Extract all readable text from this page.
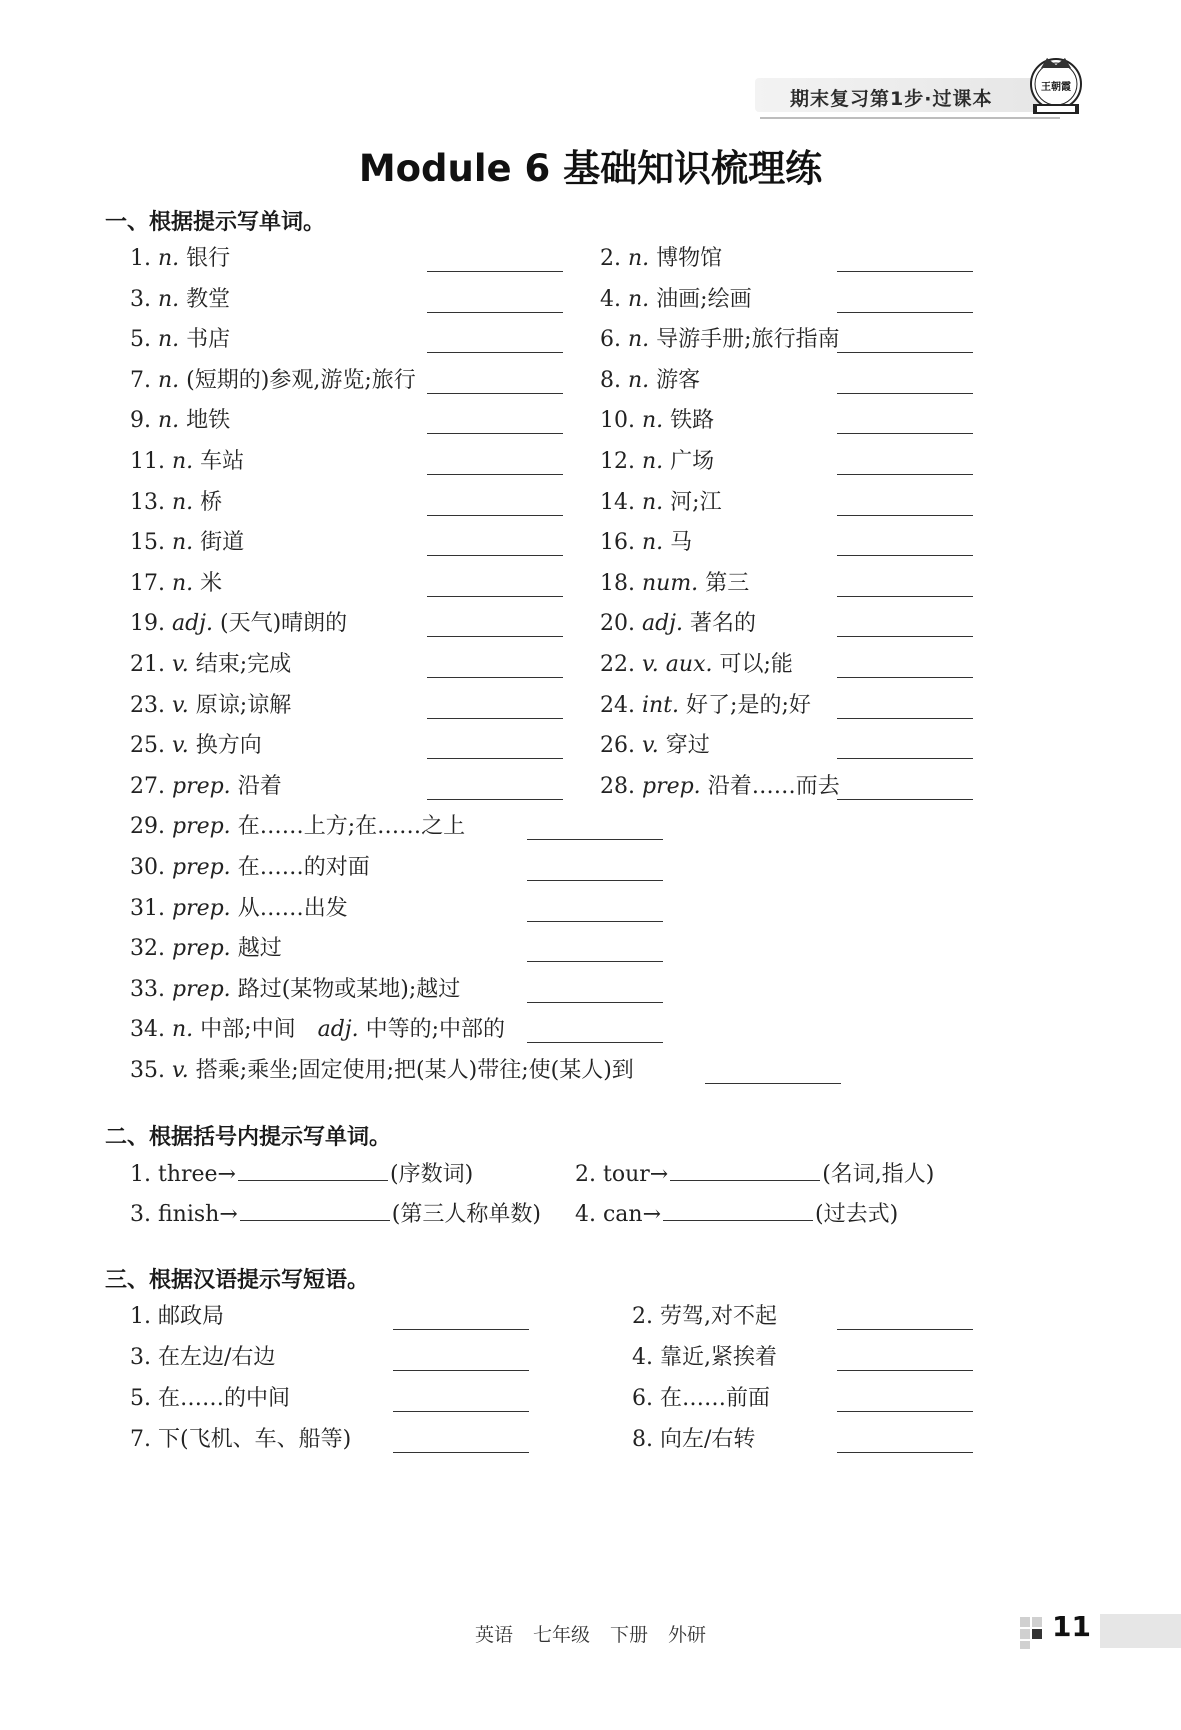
期末复习第1步·过课本
王朝霞
Module 6 基础知识梳理练
一、根据提示写单词。
1. n. 银行	2. n. 博物馆
3. n. 教堂	4. n. 油画;绘画
5. n. 书店	6. n. 导游手册;旅行指南
7. n. (短期的)参观,游览;旅行	8. n. 游客
9. n. 地铁	10. n. 铁路
11. n. 车站	12. n. 广场
13. n. 桥	14. n. 河;江
15. n. 街道	16. n. 马
17. n. 米	18. num. 第三
19. adj. (天气)晴朗的	20. adj. 著名的
21. v. 结束;完成	22. v. aux. 可以;能
23. v. 原谅;谅解	24. int. 好了;是的;好
25. v. 换方向	26. v. 穿过
27. prep. 沿着	28. prep. 沿着……而去
29. prep. 在……上方;在……之上
30. prep. 在……的对面
31. prep. 从……出发
32. prep. 越过
33. prep. 路过(某物或某地);越过
34. n. 中部;中间  adj. 中等的;中部的
35. v. 搭乘;乘坐;固定使用;把(某人)带往;使(某人)到
二、根据括号内提示写单词。
1. three→	(序数词)	2. tour→	(名词,指人)
3. finish→	(第三人称单数) 4. can→	(过去式)
三、根据汉语提示写短语。
1. 邮政局	2. 劳驾,对不起
3. 在左边/右边	4. 靠近,紧挨着
5. 在……的中间	6. 在……前面
7. 下(飞机、车、船等)	8. 向左/右转
英语 七年级 下册 外研	11
